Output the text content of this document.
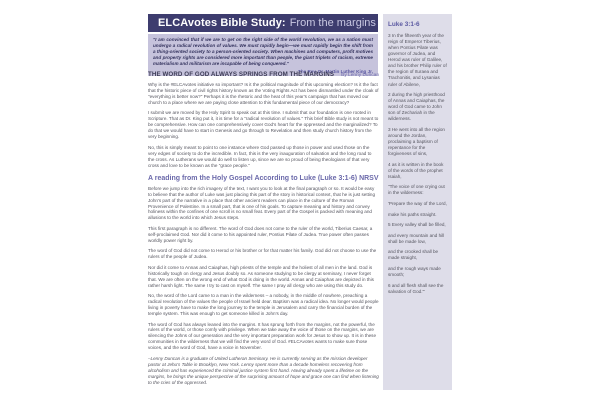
ELCAvotes Bible Study: From the margins
"I am convinced that if we are to get on the right side of the world revolution, we as a nation must undergo a radical revolution of values. We must rapidly begin—we must rapidly begin the shift from a thing-oriented society to a person-oriented society. When machines and computers, profit motives and property rights are considered more important than people, the giant triplets of racism, extreme materialism and militarism are incapable of being conquered."
The Rev. Dr. Martin Luther King Jr.
Luke 3:1-6
3 In the fifteenth year of the reign of Emperor Tiberius, when Pontius Pilate was governor of Judea, and Herod was ruler of Galilee, and his brother Philip ruler of the region of Ituraea and Trachonitis, and Lysanias ruler of Abilene,
2 during the high priesthood of Annas and Caiaphas, the word of God came to John son of Zechariah in the wilderness.
3 He went into all the region around the Jordan, proclaiming a baptism of repentance for the forgiveness of sins,
4 as it is written in the book of the words of the prophet Isaiah,
"The voice of one crying out in the wilderness:
'Prepare the way of the Lord,
make his paths straight.
5 Every valley shall be filled,
and every mountain and hill shall be made low,
and the crooked shall be made straight,
and the rough ways made smooth;
6 and all flesh shall see the salvation of God.'"
THE WORD OF GOD ALWAYS SPRINGS FROM THE MARGINS By Lenny Duncan

Why is the #ELCAvotes initiative so important? Is it the political magnitude of this upcoming election? Is it the fact that the historic piece of civil rights history known as the Voting Rights Act has been dismantled under the cloak of "everything is better now?" Perhaps it is the rhetoric and the heat of this year's campaign that has moved our church to a place where we are paying close attention to this fundamental piece of our democracy?

I submit we are moved by the Holy Spirit to speak out at this time. I submit that our foundation is one rooted in Scripture. That as Dr. King put it, it is time for a "radical revolution of values." This brief Bible study is not meant to be comprehensive. How can one comprehensively cover God's heart for the oppressed and the marginalized? To do that we would have to start in Genesis and go through to Revelation and then study church history from the very beginning.

No, this is simply meant to point to one instance where God passed up those in power and used those on the very edges of society to do the incredible. In fact, this is the very inauguration of salvation and the long road to the cross. As Lutherans we would do well to listen up, since we are so proud of being theologians of that very cross and love to be known as the "grace people."

A reading from the Holy Gospel According to Luke (Luke 3:1-6) NRSV

Before we jump into the rich imagery of the text, I want you to look at the final paragraph or so. It would be easy to believe that the author of Luke was just placing this part of the story in historical context, that he is just setting John's part of the narrative in a place that other ancient readers can place in the culture of the Roman Provenience of Palestine. In a small part, that is one of his goals. To capture meaning and history and convey holiness within the confines of one scroll is no small feat. Every part of the Gospel is packed with meaning and allusions to the world into which Jesus steps.

This first paragraph is no different. The word of God does not come to the ruler of the world, Tiberius Caesar, a self-proclaimed God. Nor did it come to his appointed ruler, Pontius Pilate of Judea. True power often passes worldly power right by.

The word of God did not come to Herod or his brother or for that matter his family. God did not choose to use the rulers of the people of Judea.

Nor did it come to Annas and Caiaphas, high priests of the temple and the holiest of all men in the land. God is historically tough on clergy and Jesus doubly so. As someone studying to be clergy at seminary, I never forget that. We are often on the wrong end of what God is doing in the world. Annas and Caiaphas are depicted in this rather harsh light. The same I try to cast on myself. The same I pray all clergy who are using this study do.

No, the word of the Lord came to a man in the wilderness – a nobody, in the middle of nowhere, preaching a radical revolution of the values the people of Israel held dear. Baptism was a radical idea. No longer would people living in poverty have to make the long journey to the temple in Jerusalem and carry the financial burden of the temple system. This was enough to get someone killed in John's day.

The word of God has always leaned into the margins. It has sprung forth from the margins, not the powerful, the rulers of the world, or those comfy with privilege. When we take away the voice of those on the margins, we are silencing the Johns of our generation and the very important preparation work for Jesus to show up. It is in these communities in the wilderness that we will find the very word of God. #ELCAvotes wants to make sure those voices, and the word of God, have a voice in November.

–Lenny Duncan is a graduate of United Lutheran Seminary. He is currently serving as the mission developer pastor at Jehu's Table in Brooklyn, New York. Lenny spent more than a decade homeless recovering from alcoholism and has experienced the criminal justice system first hand. Having already spent a lifetime on the margins, he brings the unique perspective of the surprising amount of hope and grace one can find when listening to the cries of the oppressed.
